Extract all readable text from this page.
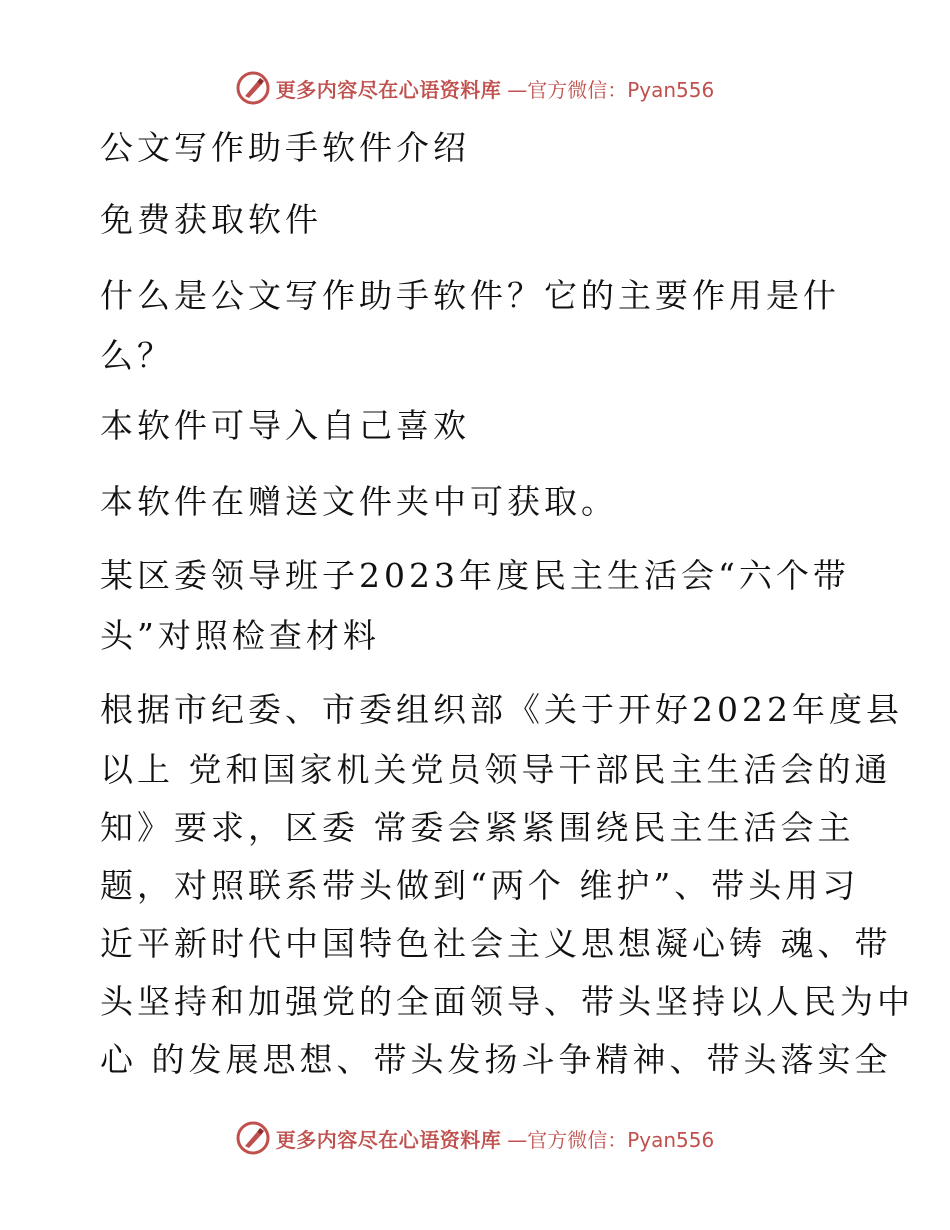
更多内容尽在心语资料库 —官方微信：Pyan556
公文写作助手软件介绍
免费获取软件
什么是公文写作助手软件？它的主要作用是什
么？
本软件可导入自己喜欢
本软件在赠送文件夹中可获取。
某区委领导班子2023年度民主生活会“六个带
头”对照检查材料
根据市纪委、市委组织部《关于开好2022年度县
以上 党和国家机关党员领导干部民主生活会的通
知》要求，区委 常委会紧紧围绕民主生活会主
题，对照联系带头做到“两个 维护”、带头用习
近平新时代中国特色社会主义思想凝心铸 魂、带
头坚持和加强党的全面领导、带头坚持以人民为中
心 的发展思想、带头发扬斗争精神、带头落实全
更多内容尽在心语资料库 —官方微信：Pyan556
